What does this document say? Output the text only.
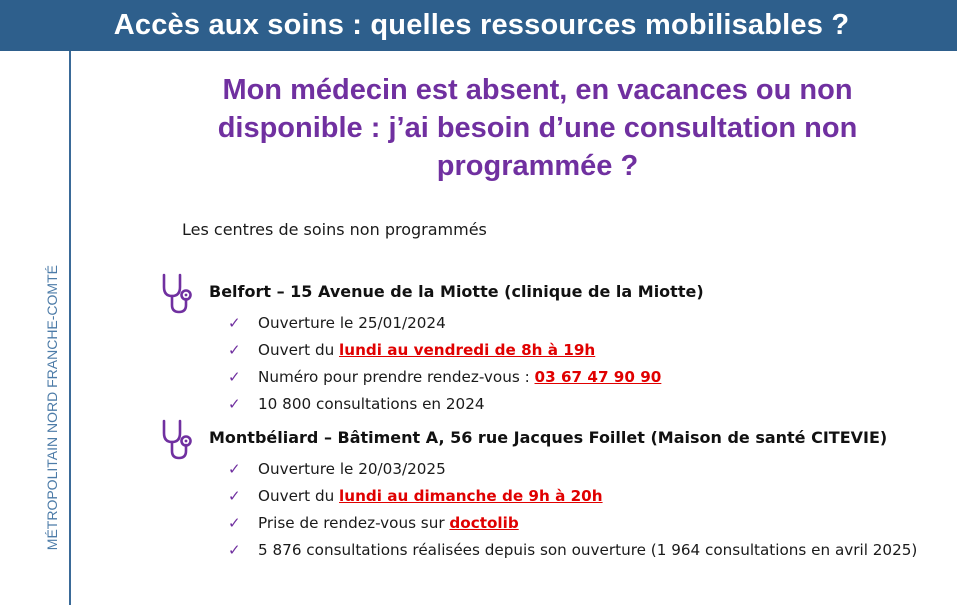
Accès aux soins : quelles ressources mobilisables ?
MÉTROPOLITAIN NORD FRANCHE-COMTÉ
Mon médecin est absent, en vacances ou non disponible : j’ai besoin d’une consultation non programmée ?
Les centres de soins non programmés
Belfort – 15 Avenue de la Miotte (clinique de la Miotte)
✓ Ouverture le 25/01/2024
✓ Ouvert du lundi au vendredi de 8h à 19h
✓ Numéro pour prendre rendez-vous : 03 67 47 90 90
✓ 10 800 consultations en 2024
Montbéliard – Bâtiment A, 56 rue Jacques Foillet (Maison de santé CITEVIE)
✓ Ouverture le 20/03/2025
✓ Ouvert du lundi au dimanche de 9h à 20h
✓ Prise de rendez-vous sur doctolib
✓ 5 876 consultations réalisées depuis son ouverture (1 964 consultations en avril 2025)
